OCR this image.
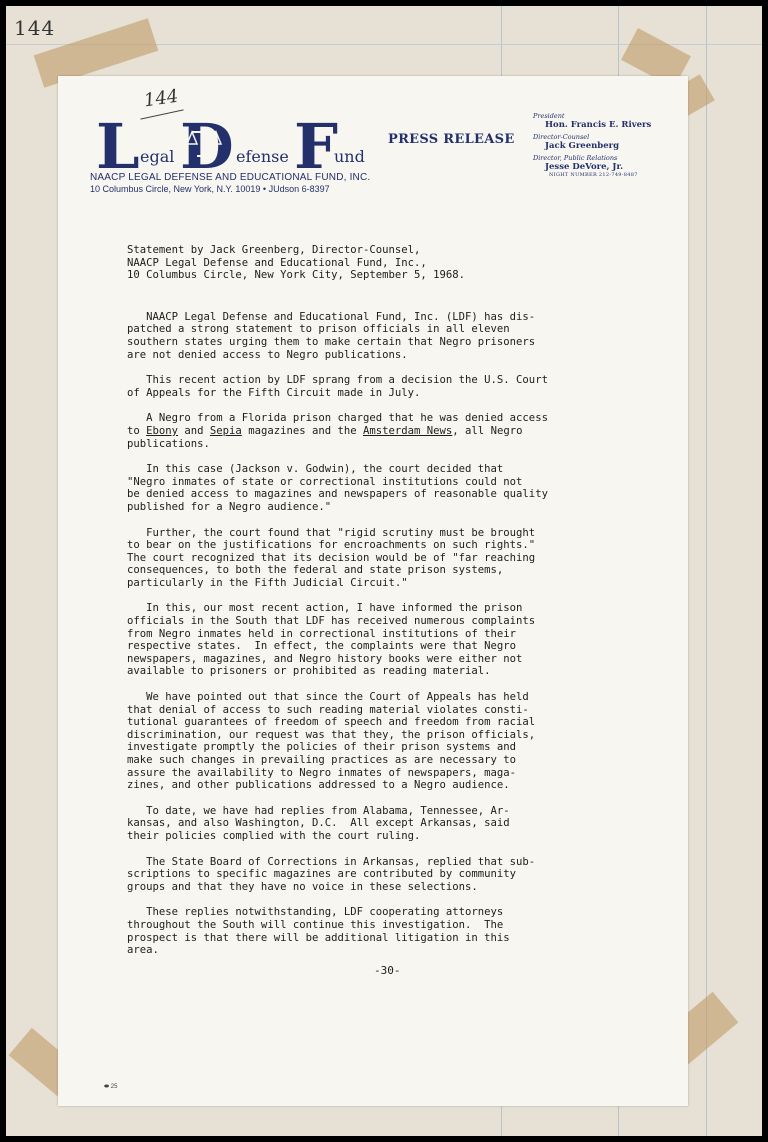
144
144
L egal D efense F
und
NAACP LEGAL DEFENSE AND EDUCATIONAL FUND, INC.
10 Columbus Circle, New York, N.Y. 10019 • JUdson 6-8397
PRESS RELEASE
President
Hon. Francis E. Rivers
Director-Counsel
Jack Greenberg
Director, Public Relations
Jesse DeVore, Jr.
NIGHT NUMBER 212-749-8487
Statement by Jack Greenberg, Director-Counsel,
NAACP Legal Defense and Educational Fund, Inc.,
10 Columbus Circle, New York City, September 5, 1968.
NAACP Legal Defense and Educational Fund, Inc. (LDF) has dis-
patched a strong statement to prison officials in all eleven
southern states urging them to make certain that Negro prisoners
are not denied access to Negro publications.
This recent action by LDF sprang from a decision the U.S. Court
of Appeals for the Fifth Circuit made in July.
A Negro from a Florida prison charged that he was denied access
to Ebony and Sepia magazines and the Amsterdam News, all Negro
publications.
In this case (Jackson v. Godwin), the court decided that
"Negro inmates of state or correctional institutions could not
be denied access to magazines and newspapers of reasonable quality
published for a Negro audience."
Further, the court found that "rigid scrutiny must be brought
to bear on the justifications for encroachments on such rights."
The court recognized that its decision would be of "far reaching
consequences, to both the federal and state prison systems,
particularly in the Fifth Judicial Circuit."
In this, our most recent action, I have informed the prison
officials in the South that LDF has received numerous complaints
from Negro inmates held in correctional institutions of their
respective states.  In effect, the complaints were that Negro
newspapers, magazines, and Negro history books were either not
available to prisoners or prohibited as reading material.
We have pointed out that since the Court of Appeals has held
that denial of access to such reading material violates consti-
tutional guarantees of freedom of speech and freedom from racial
discrimination, our request was that they, the prison officials,
investigate promptly the policies of their prison systems and
make such changes in prevailing practices as are necessary to
assure the availability to Negro inmates of newspapers, maga-
zines, and other publications addressed to a Negro audience.
To date, we have had replies from Alabama, Tennessee, Ar-
kansas, and also Washington, D.C.  All except Arkansas, said
their policies complied with the court ruling.
The State Board of Corrections in Arkansas, replied that sub-
scriptions to specific magazines are contributed by community
groups and that they have no voice in these selections.
These replies notwithstanding, LDF cooperating attorneys
throughout the South will continue this investigation.  The
prospect is that there will be additional litigation in this
area.
-30-
⬬ 25
